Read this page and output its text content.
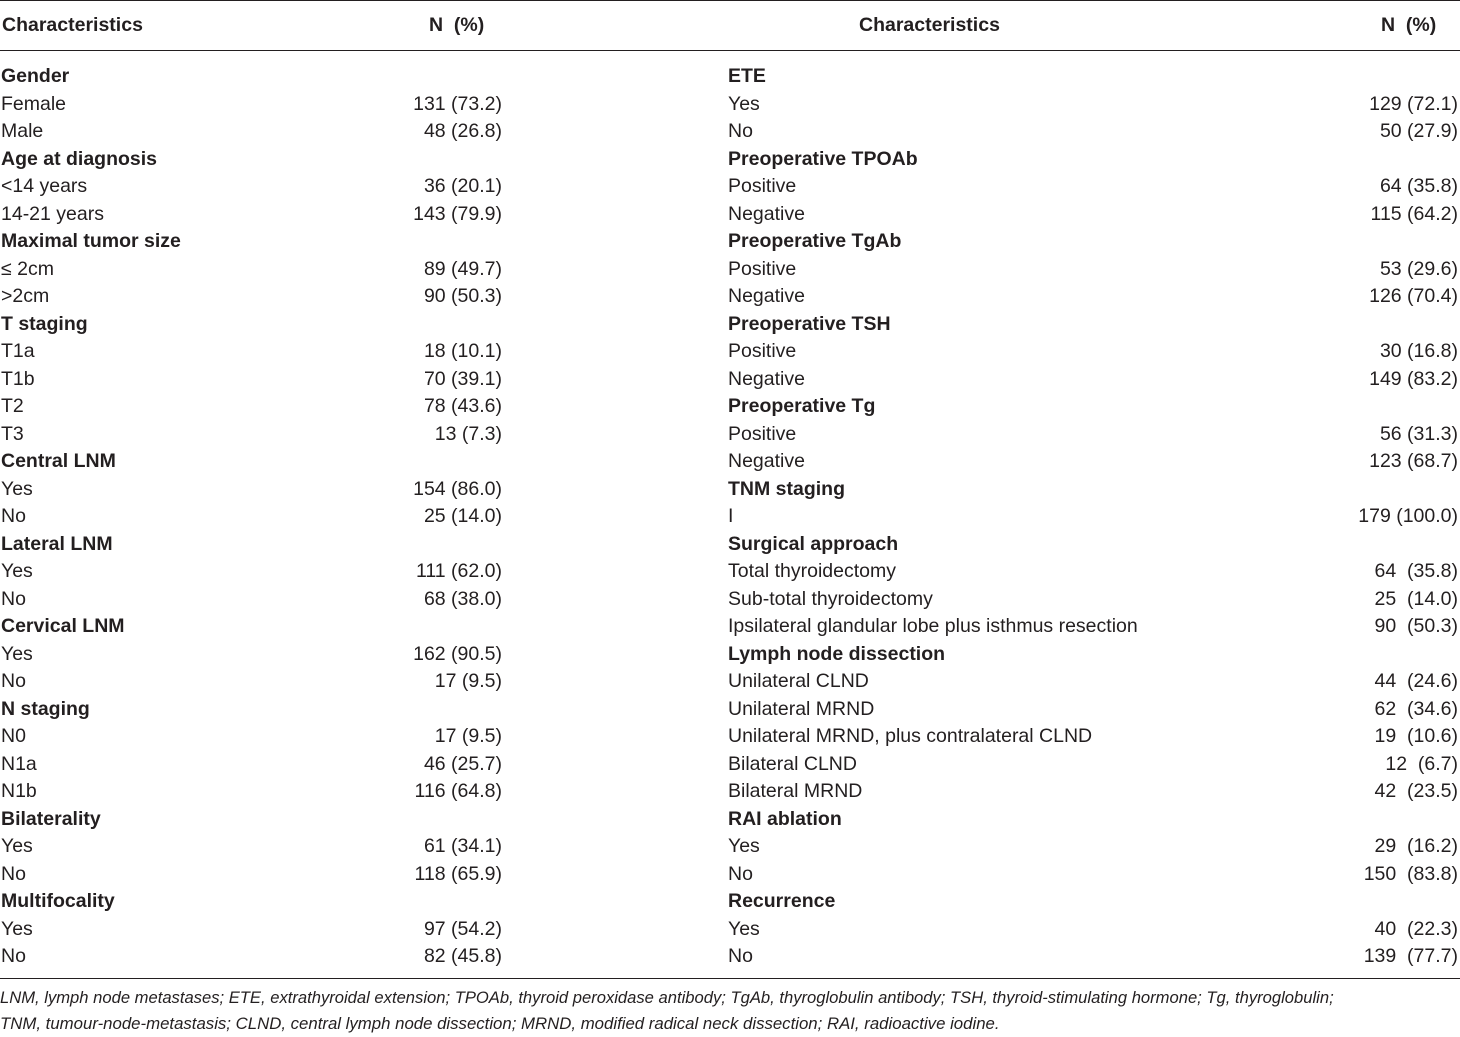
Characteristics	N  (%)	Characteristics	N  (%)
Gender
Female	131 (73.2)
Male	48 (26.8)
Age at diagnosis
<14 years	36 (20.1)
14-21 years	143 (79.9)
Maximal tumor size
≤ 2cm	89 (49.7)
>2cm	90 (50.3)
T staging
T1a	18 (10.1)
T1b	70 (39.1)
T2	78 (43.6)
T3	13 (7.3)
Central LNM
Yes	154 (86.0)
No	25 (14.0)
Lateral LNM
Yes	111 (62.0)
No	68 (38.0)
Cervical LNM
Yes	162 (90.5)
No	17 (9.5)
N staging
N0	17 (9.5)
N1a	46 (25.7)
N1b	116 (64.8)
Bilaterality
Yes	61 (34.1)
No	118 (65.9)
Multifocality
Yes	97 (54.2)
No	82 (45.8)
ETE
Yes	129 (72.1)
No	50 (27.9)
Preoperative TPOAb
Positive	64 (35.8)
Negative	115 (64.2)
Preoperative TgAb
Positive	53 (29.6)
Negative	126 (70.4)
Preoperative TSH
Positive	30 (16.8)
Negative	149 (83.2)
Preoperative Tg
Positive	56 (31.3)
Negative	123 (68.7)
TNM staging
I	179 (100.0)
Surgical approach
Total thyroidectomy	64  (35.8)
Sub-total thyroidectomy	25  (14.0)
Ipsilateral glandular lobe plus isthmus resection	90  (50.3)
Lymph node dissection
Unilateral CLND	44  (24.6)
Unilateral MRND	62  (34.6)
Unilateral MRND, plus contralateral CLND	19  (10.6)
Bilateral CLND	12  (6.7)
Bilateral MRND	42  (23.5)
RAI ablation
Yes	29  (16.2)
No	150  (83.8)
Recurrence
Yes	40  (22.3)
No	139  (77.7)
LNM, lymph node metastases; ETE, extrathyroidal extension; TPOAb, thyroid peroxidase antibody; TgAb, thyroglobulin antibody; TSH, thyroid-stimulating hormone; Tg, thyroglobulin;
TNM, tumour-node-metastasis; CLND, central lymph node dissection; MRND, modified radical neck dissection; RAI, radioactive iodine.
